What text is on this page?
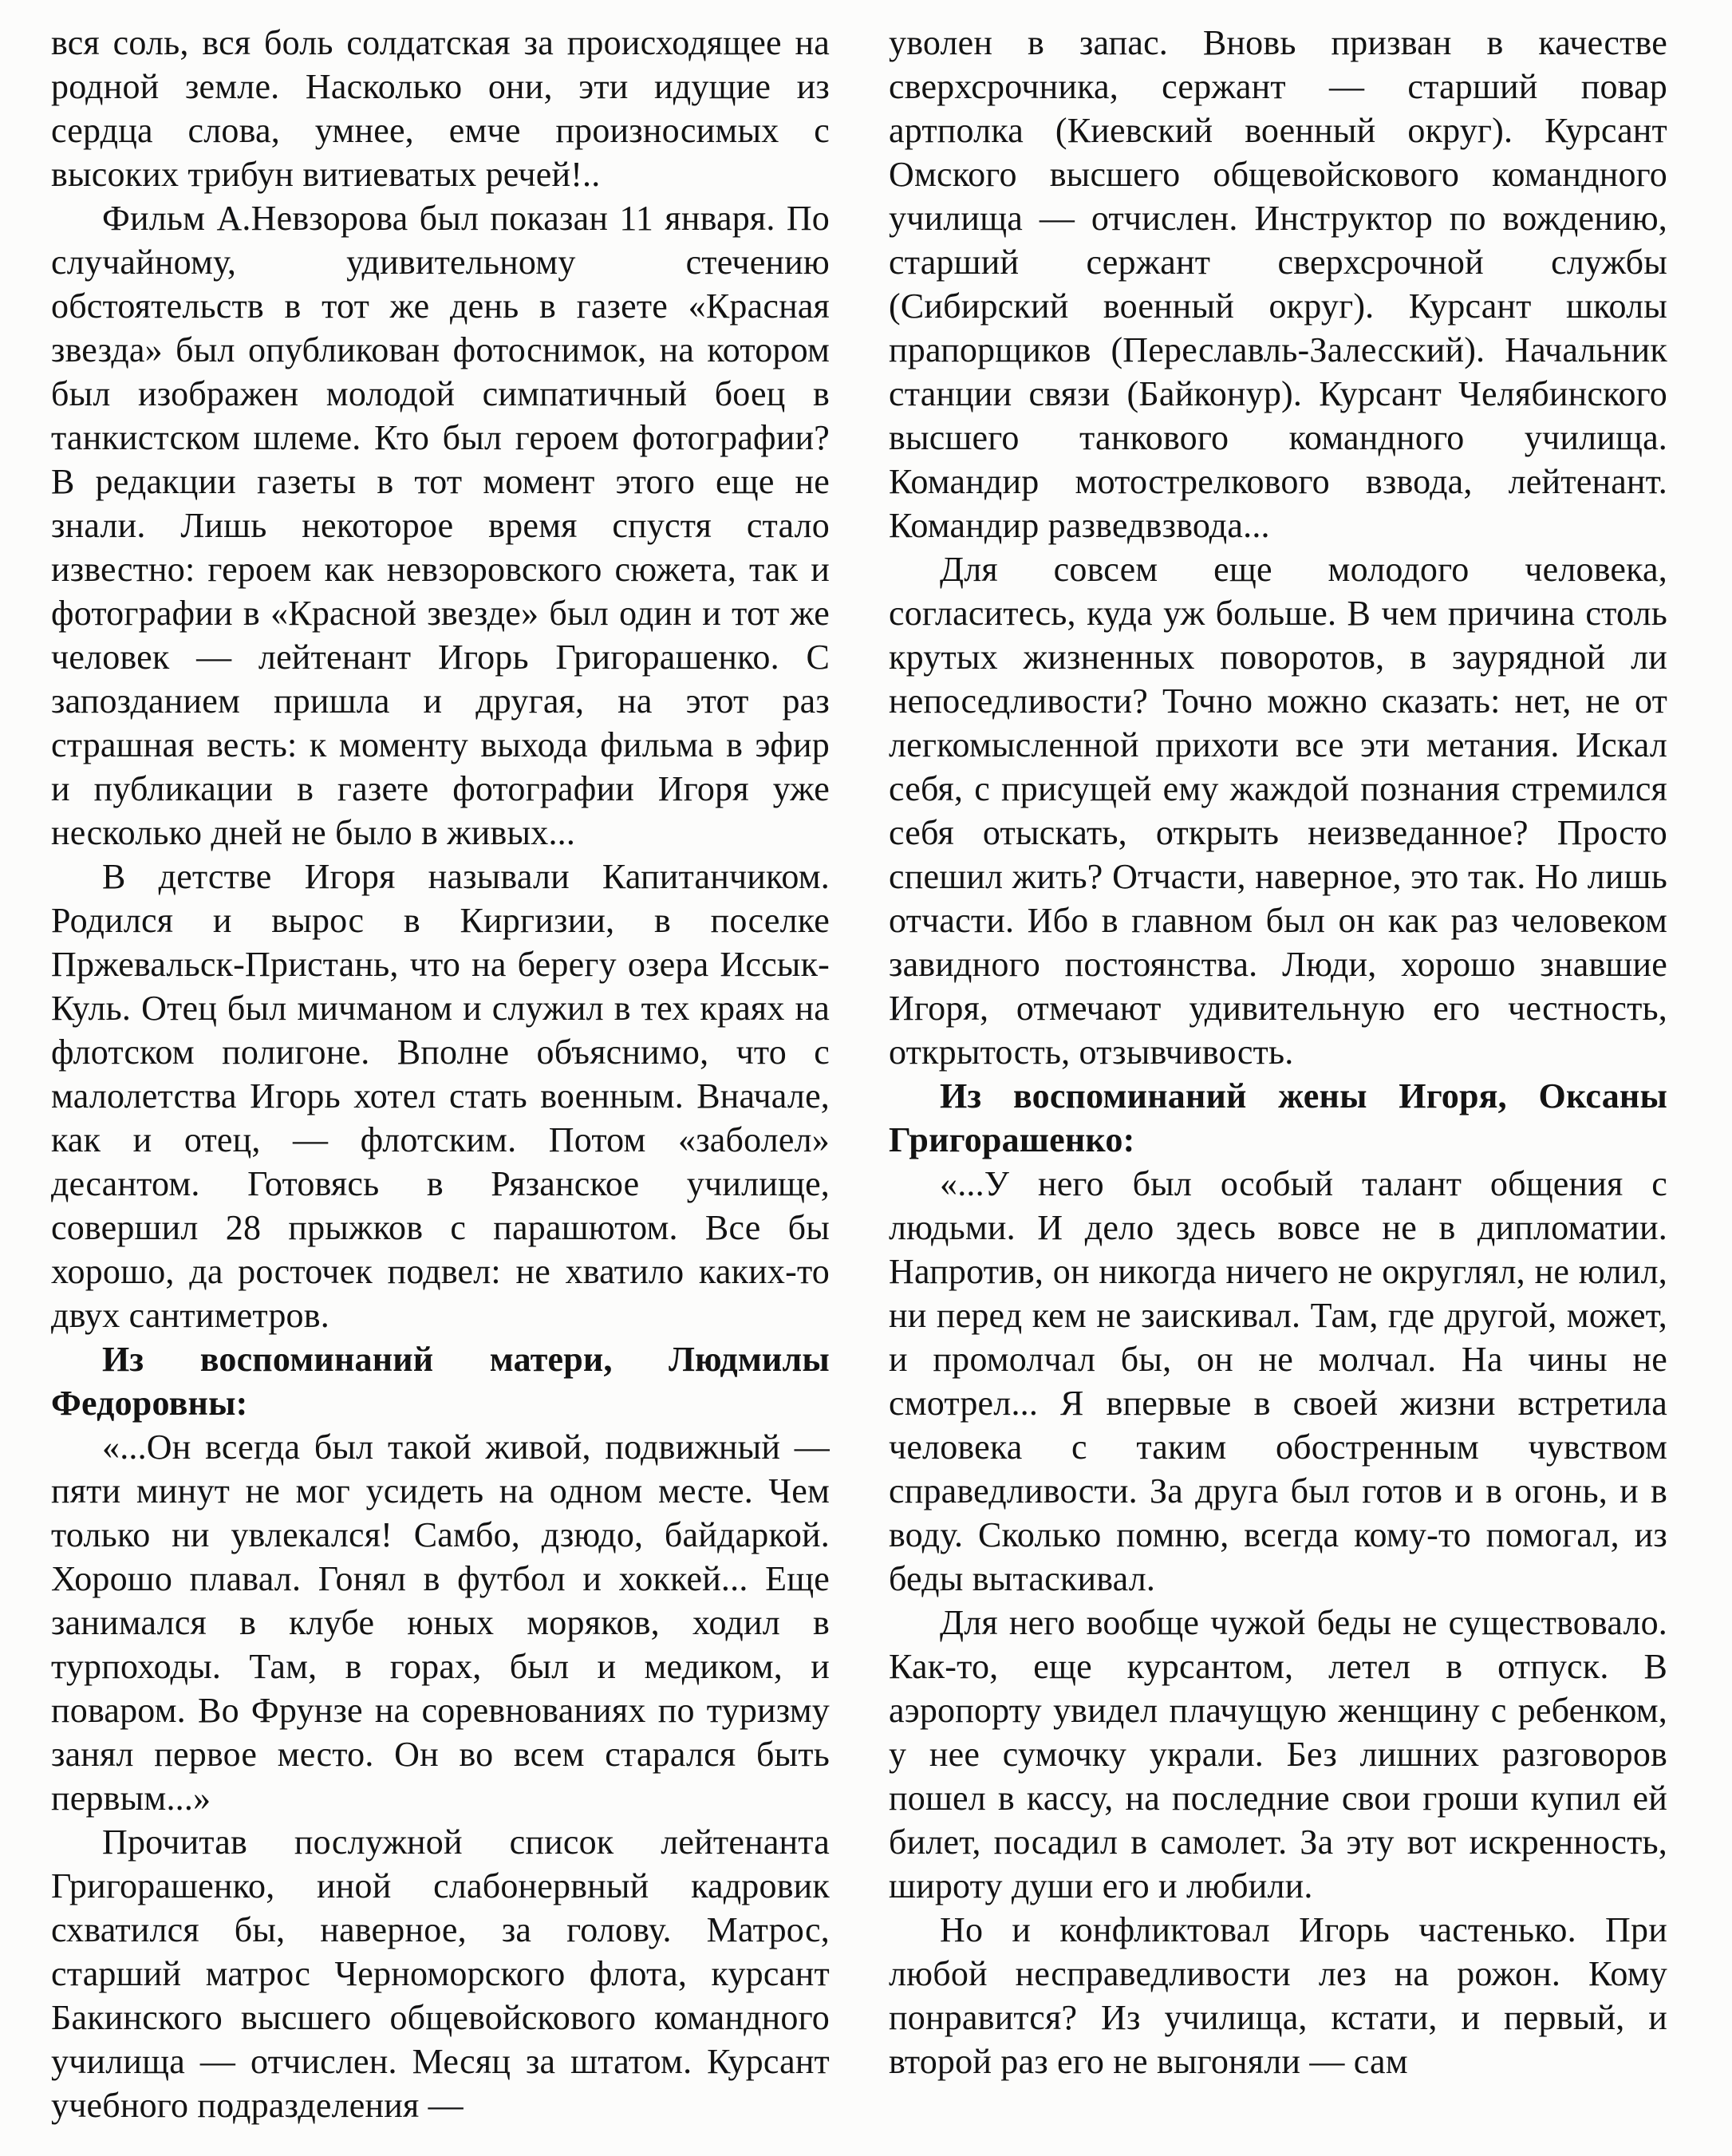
вся соль, вся боль солдатская за происходящее на родной земле. Насколько они, эти идущие из сердца слова, умнее, емче произносимых с высоких трибун витиеватых речей!..

Фильм А.Невзорова был показан 11 января. По случайному, удивительному стечению обстоятельств в тот же день в газете «Красная звезда» был опубликован фотоснимок, на котором был изображен молодой симпатичный боец в танкистском шлеме. Кто был героем фотографии? В редакции газеты в тот момент этого еще не знали. Лишь некоторое время спустя стало известно: героем как невзоровского сюжета, так и фотографии в «Красной звезде» был один и тот же человек — лейтенант Игорь Григорашенко. С запозданием пришла и другая, на этот раз страшная весть: к моменту выхода фильма в эфир и публикации в газете фотографии Игоря уже несколько дней не было в живых...

В детстве Игоря называли Капитанчиком. Родился и вырос в Киргизии, в поселке Пржевальск-Пристань, что на берегу озера Иссык-Куль. Отец был мичманом и служил в тех краях на флотском полигоне. Вполне объяснимо, что с малолетства Игорь хотел стать военным. Вначале, как и отец, — флотским. Потом «заболел» десантом. Готовясь в Рязанское училище, совершил 28 прыжков с парашютом. Все бы хорошо, да росточек подвел: не хватило каких-то двух сантиметров.

Из воспоминаний матери, Людмилы Федоровны:

«...Он всегда был такой живой, подвижный — пяти минут не мог усидеть на одном месте. Чем только ни увлекался! Самбо, дзюдо, байдаркой. Хорошо плавал. Гонял в футбол и хоккей... Еще занимался в клубе юных моряков, ходил в турпоходы. Там, в горах, был и медиком, и поваром. Во Фрунзе на соревнованиях по туризму занял первое место. Он во всем старался быть первым...»

Прочитав послужной список лейтенанта Григорашенко, иной слабонервный кадровик схватился бы, наверное, за голову. Матрос, старший матрос Черноморского флота, курсант Бакинского высшего общевойскового командного училища — отчислен. Месяц за штатом. Курсант учебного подразделения —

уволен в запас. Вновь призван в качестве сверхсрочника, сержант — старший повар артполка (Киевский военный округ). Курсант Омского высшего общевойскового командного училища — отчислен. Инструктор по вождению, старший сержант сверхсрочной службы (Сибирский военный округ). Курсант школы прапорщиков (Переславль-Залесский). Начальник станции связи (Байконур). Курсант Челябинского высшего танкового командного училища. Командир мотострелкового взвода, лейтенант. Командир разведвзвода...

Для совсем еще молодого человека, согласитесь, куда уж больше. В чем причина столь крутых жизненных поворотов, в заурядной ли непоседливости? Точно можно сказать: нет, не от легкомысленной прихоти все эти метания. Искал себя, с присущей ему жаждой познания стремился себя отыскать, открыть неизведанное? Просто спешил жить? Отчасти, наверное, это так. Но лишь отчасти. Ибо в главном был он как раз человеком завидного постоянства. Люди, хорошо знавшие Игоря, отмечают удивительную его честность, открытость, отзывчивость.

Из воспоминаний жены Игоря, Оксаны Григорашенко:

«...У него был особый талант общения с людьми. И дело здесь вовсе не в дипломатии. Напротив, он никогда ничего не округлял, не юлил, ни перед кем не заискивал. Там, где другой, может, и промолчал бы, он не молчал. На чины не смотрел... Я впервые в своей жизни встретила человека с таким обостренным чувством справедливости. За друга был готов и в огонь, и в воду. Сколько помню, всегда кому-то помогал, из беды вытаскивал.

Для него вообще чужой беды не существовало. Как-то, еще курсантом, летел в отпуск. В аэропорту увидел плачущую женщину с ребенком, у нее сумочку украли. Без лишних разговоров пошел в кассу, на последние свои гроши купил ей билет, посадил в самолет. За эту вот искренность, широту души его и любили.

Но и конфликтовал Игорь частенько. При любой несправедливости лез на рожон. Кому понравится? Из училища, кстати, и первый, и второй раз его не выгоняли — сам
